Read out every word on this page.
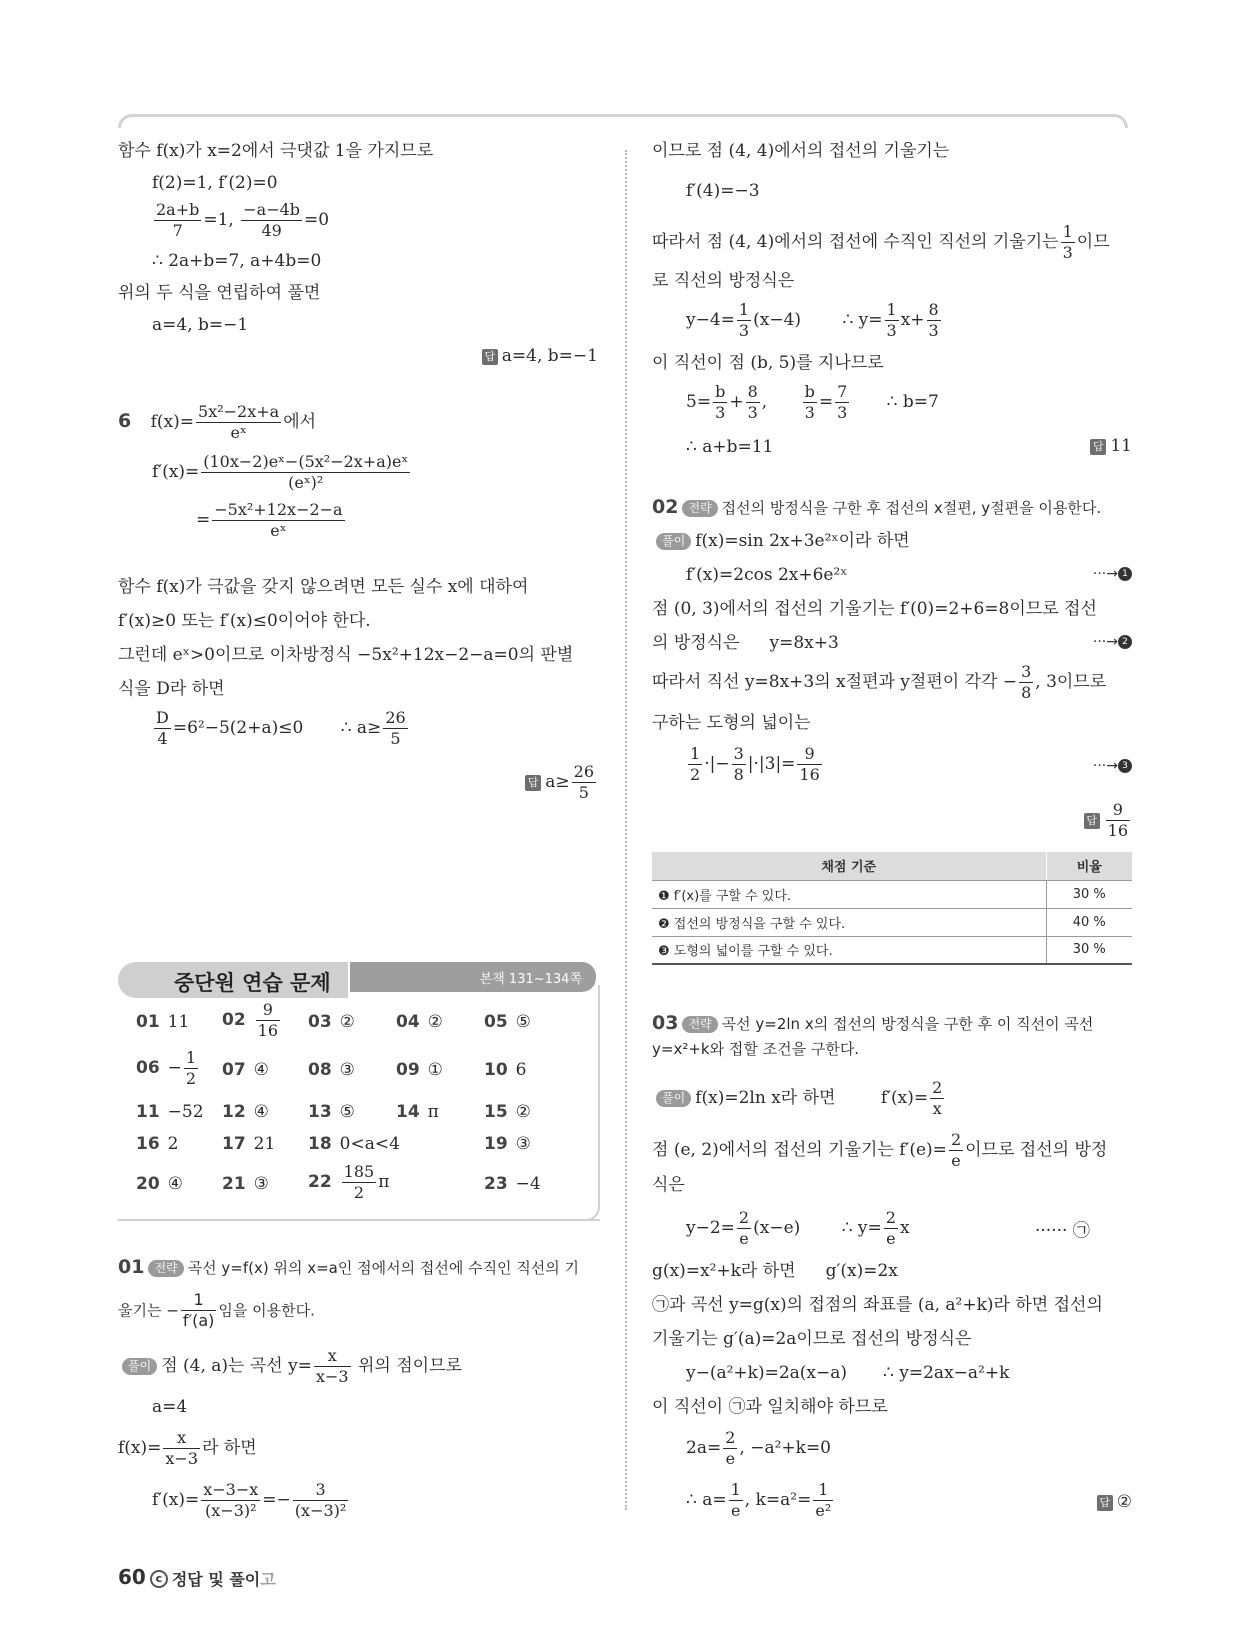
함수 f(x)가 x=2에서 극댓값 1을 가지므로
f(2)=1, f′(2)=0
$\frac{2a+b}{7} =1$, $\frac{-a-4b}{49} =0$
∴ 2a+b=7, a+4b=0
위의 두 식을 연립하여 풀면
a=4, b=−1
답 a=4, b=−1
6 $f(x)= \frac{\text{5x²−2x+a}}{\text{eˣ}}$ 에서
$f'(x)= \frac{\text{(10x−2)eˣ−(5x²−2x+a)eˣ}}{\text{(eˣ)²}}$
= $\frac{\text{−5x²+12x−2−a}}{\text{eˣ}}$
함수 f(x)가 극값을 갖지 않으려면 모든 실수 x에 대하여
f′(x)≥0 또는 f′(x)≤0이어야 한다.
그런데 eˣ>0이므로 이차방정식 −5x²+12x−2−a=0의 판별
식을 D라 하면
$\frac{D}{4} =6^2-5(2+a)\le 0$ ∴ $a\ge \frac{26}{5}$
답 $a\ge \frac{26}{5}$
본책 131~134쪽
중단원 연습 문제
01 11 $02 \frac{9}{16} 03$ ② 04 ② 05 ⑤
$06 - \frac{1}{2} 07$ ④ 08 ③ 09 ① 10 6
11 −52 12 ④ 13 ⑤ 14 π	15 ②
16 2	17 21 18 0<a<4	19 ③
20 ④ 21 ③ $22 \frac{185}{2}$ π	23 −4
01 전략 곡선 y=f(x) 위의 x=a인 점에서의 접선에 수직인 직선의 기
울기는 − $\frac{1}{f'(a)}$ 임을 이용한다.
풀이 점 (4, a)는 곡선 $y= \frac{x}{x-3}$ 위의 점이므로
a=4
$f(x)= \frac{x}{x-3}$ 라 하면
$f'(x)= \frac{x-3-x}{\text{(x−3)²}} =- \frac{3}{\text{(x−3)²}}$
이므로 점 (4, 4)에서의 접선의 기울기는
f′(4)=−3
따라서 점 (4, 4)에서의 접선에 수직인 직선의 기울기는 $\frac{1}{3}$ 이므
로 직선의 방정식은
$y-4= \frac{1}{3} (x-4)$ ∴ $y= \frac{1}{3} x+ \frac{8}{3}$
이 직선이 점 (b, 5)를 지나므로
$5= \frac{b}{3} + \frac{8}{3}$ , $\frac{b}{3} = \frac{7}{3}$ ∴ b=7
∴ a+b=11	답 11
02 전략 접선의 방정식을 구한 후 접선의 x절편, y절편을 이용한다.
풀이 f(x)=sin 2x+3e²ˣ이라 하면
f′(x)=2cos 2x+6e²ˣ	···→ 1
점 (0, 3)에서의 접선의 기울기는 f′(0)=2+6=8이므로 접선
의 방정식은 y=8x+3	···→ 2
따라서 직선 y=8x+3의 x절편과 y절편이 각각 − $\frac{3}{8}$ , 3이므로
구하는 도형의 넓이는
$\frac{1}{2}$ ·|− $\frac{3}{8} |\cdot|3|= \frac{9}{16}$	···→ 3
답 $\frac{9}{16}$
채점 기준	비율
❶ f′(x)를 구할 수 있다.	30 %
❷ 접선의 방정식을 구할 수 있다.	40 %
❸ 도형의 넓이를 구할 수 있다.	30 %
03 전략 곡선 y=2ln x의 접선의 방정식을 구한 후 이 직선이 곡선
y=x²+k와 접할 조건을 구한다.
풀이 f(x)=2ln x라 하면	$f'(x)= \frac{2}{x}$
점 (e, 2)에서의 접선의 기울기는 $f'(e)= \frac{2}{e}$ 이므로 접선의 방정
식은
$y-2= \frac{2}{e} (x-e)$ ∴ $y= \frac{2}{e}$ x	······ ㉠
g(x)=x²+k라 하면 g′(x)=2x
㉠과 곡선 y=g(x)의 접점의 좌표를 (a, a²+k)라 하면 접선의
기울기는 g′(a)=2a이므로 접선의 방정식은
y−(a²+k)=2a(x−a) ∴ y=2ax−a²+k
이 직선이 ㉠과 일치해야 하므로
$2a= \frac{2}{e}$ , −a²+k=0
∴ $a= \frac{1}{e}$ , $k=a^2= \frac{1}{\text{e²}}$	답 ②
60 c 정답 및 풀이고
